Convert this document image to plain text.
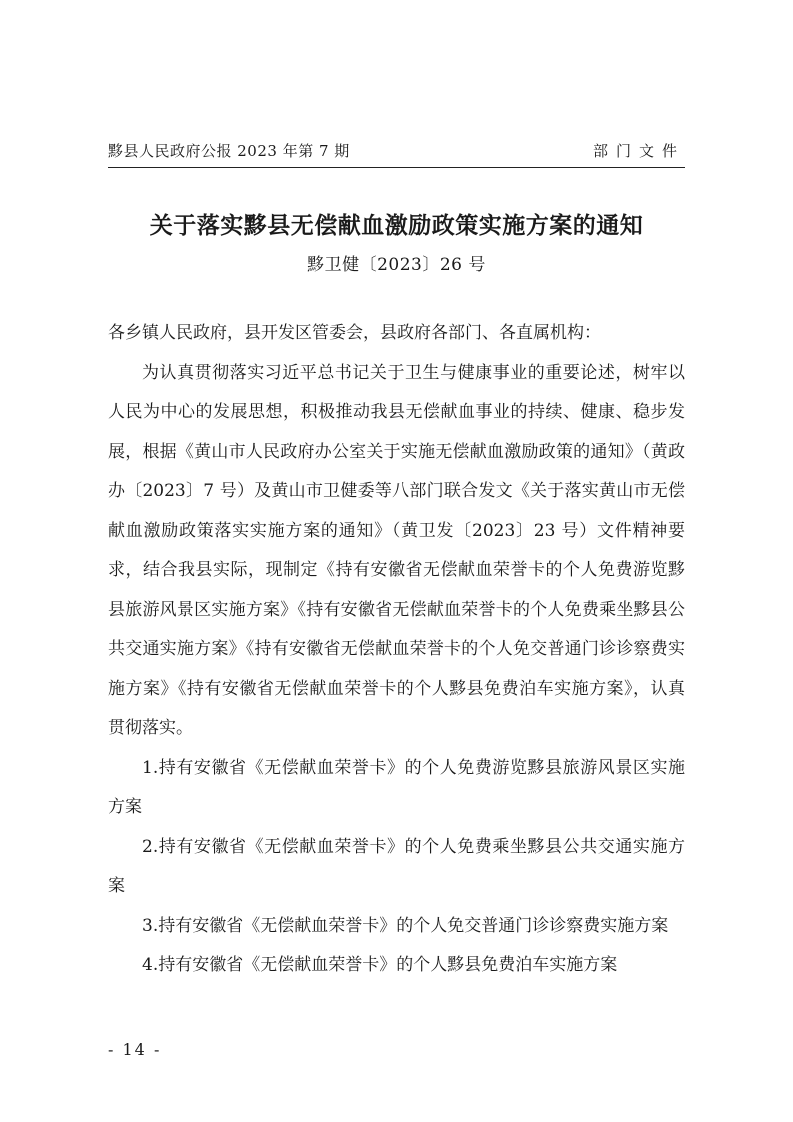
黟县人民政府公报 2023 年第 7 期	部门文件
关于落实黟县无偿献血激励政策实施方案的通知
黟卫健〔2023〕26 号

各乡镇人民政府，县开发区管委会，县政府各部门、各直属机构：

为认真贯彻落实习近平总书记关于卫生与健康事业的重要论述，树牢以人民为中心的发展思想，积极推动我县无偿献血事业的持续、健康、稳步发展，根据《黄山市人民政府办公室关于实施无偿献血激励政策的通知》（黄政办〔2023〕7 号）及黄山市卫健委等八部门联合发文《关于落实黄山市无偿献血激励政策落实实施方案的通知》（黄卫发〔2023〕23 号）文件精神要求，结合我县实际，现制定《持有安徽省无偿献血荣誉卡的个人免费游览黟县旅游风景区实施方案》《持有安徽省无偿献血荣誉卡的个人免费乘坐黟县公共交通实施方案》《持有安徽省无偿献血荣誉卡的个人免交普通门诊诊察费实施方案》《持有安徽省无偿献血荣誉卡的个人黟县免费泊车实施方案》，认真贯彻落实。

1.持有安徽省《无偿献血荣誉卡》的个人免费游览黟县旅游风景区实施方案

2.持有安徽省《无偿献血荣誉卡》的个人免费乘坐黟县公共交通实施方案

3.持有安徽省《无偿献血荣誉卡》的个人免交普通门诊诊察费实施方案

4.持有安徽省《无偿献血荣誉卡》的个人黟县免费泊车实施方案

- 14 -
